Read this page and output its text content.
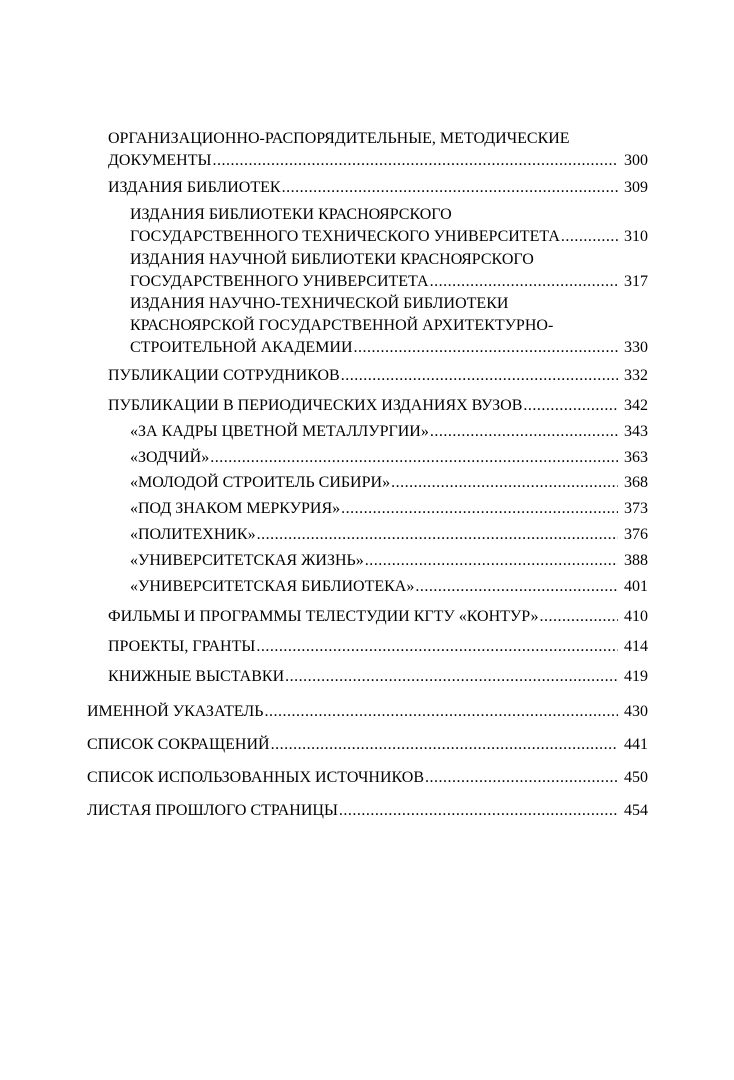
ОРГАНИЗАЦИОННО-РАСПОРЯДИТЕЛЬНЫЕ, МЕТОДИЧЕСКИЕ
ДОКУМЕНТЫ .....	300
ИЗДАНИЯ БИБЛИОТЕК .....	309
ИЗДАНИЯ БИБЛИОТЕКИ КРАСНОЯРСКОГО
ГОСУДАРСТВЕННОГО ТЕХНИЧЕСКОГО УНИВЕРСИТЕТА .....	310
ИЗДАНИЯ НАУЧНОЙ БИБЛИОТЕКИ КРАСНОЯРСКОГО
ГОСУДАРСТВЕННОГО УНИВЕРСИТЕТА .....	317
ИЗДАНИЯ НАУЧНО-ТЕХНИЧЕСКОЙ БИБЛИОТЕКИ
КРАСНОЯРСКОЙ ГОСУДАРСТВЕННОЙ АРХИТЕКТУРНО-
СТРОИТЕЛЬНОЙ АКАДЕМИИ .....	330
ПУБЛИКАЦИИ СОТРУДНИКОВ .....	332
ПУБЛИКАЦИИ В ПЕРИОДИЧЕСКИХ ИЗДАНИЯХ ВУЗОВ .....	342
«ЗА КАДРЫ ЦВЕТНОЙ МЕТАЛЛУРГИИ» .....	343
«ЗОДЧИЙ» .....	363
«МОЛОДОЙ СТРОИТЕЛЬ СИБИРИ» .....	368
«ПОД ЗНАКОМ МЕРКУРИЯ» .....	373
«ПОЛИТЕХНИК» .....	376
«УНИВЕРСИТЕТСКАЯ ЖИЗНЬ» .....	388
«УНИВЕРСИТЕТСКАЯ БИБЛИОТЕКА» .....	401
ФИЛЬМЫ И ПРОГРАММЫ ТЕЛЕСТУДИИ КГТУ «КОНТУР» .....	410
ПРОЕКТЫ, ГРАНТЫ .....	414
КНИЖНЫЕ ВЫСТАВКИ .....	419
ИМЕННОЙ УКАЗАТЕЛЬ .....	430
СПИСОК СОКРАЩЕНИЙ .....	441
СПИСОК ИСПОЛЬЗОВАННЫХ ИСТОЧНИКОВ .....	450
ЛИСТАЯ ПРОШЛОГО СТРАНИЦЫ .....	454
